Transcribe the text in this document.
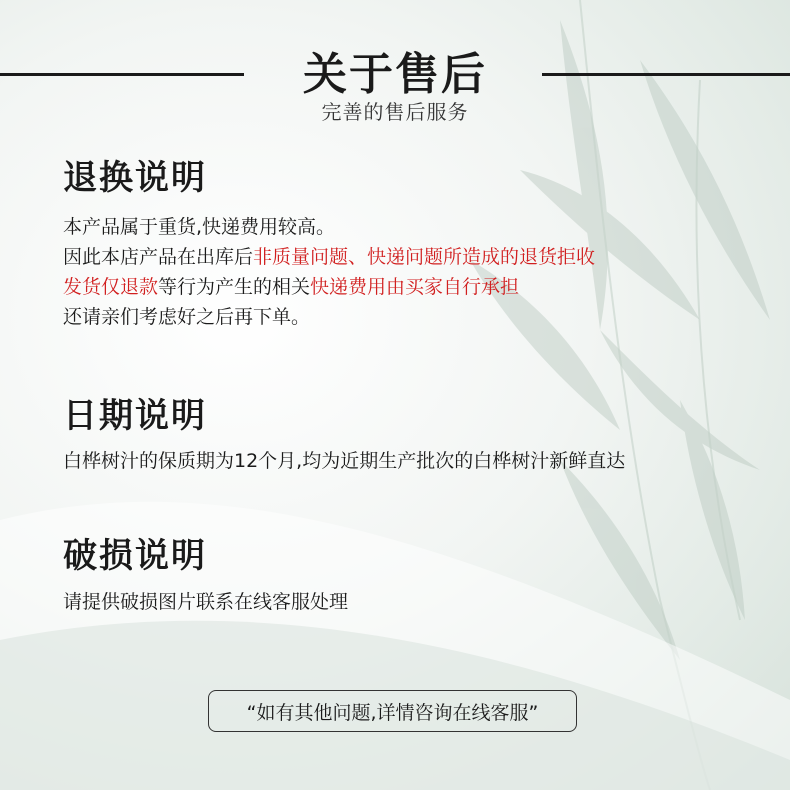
关于售后
完善的售后服务
退换说明
本产品属于重货,快递费用较高。
因此本店产品在出库后非质量问题、快递问题所造成的退货拒收
发货仅退款等行为产生的相关快递费用由买家自行承担
还请亲们考虑好之后再下单。
日期说明
白桦树汁的保质期为12个月,均为近期生产批次的白桦树汁新鲜直达
破损说明
请提供破损图片联系在线客服处理
“如有其他问题,详情咨询在线客服”
